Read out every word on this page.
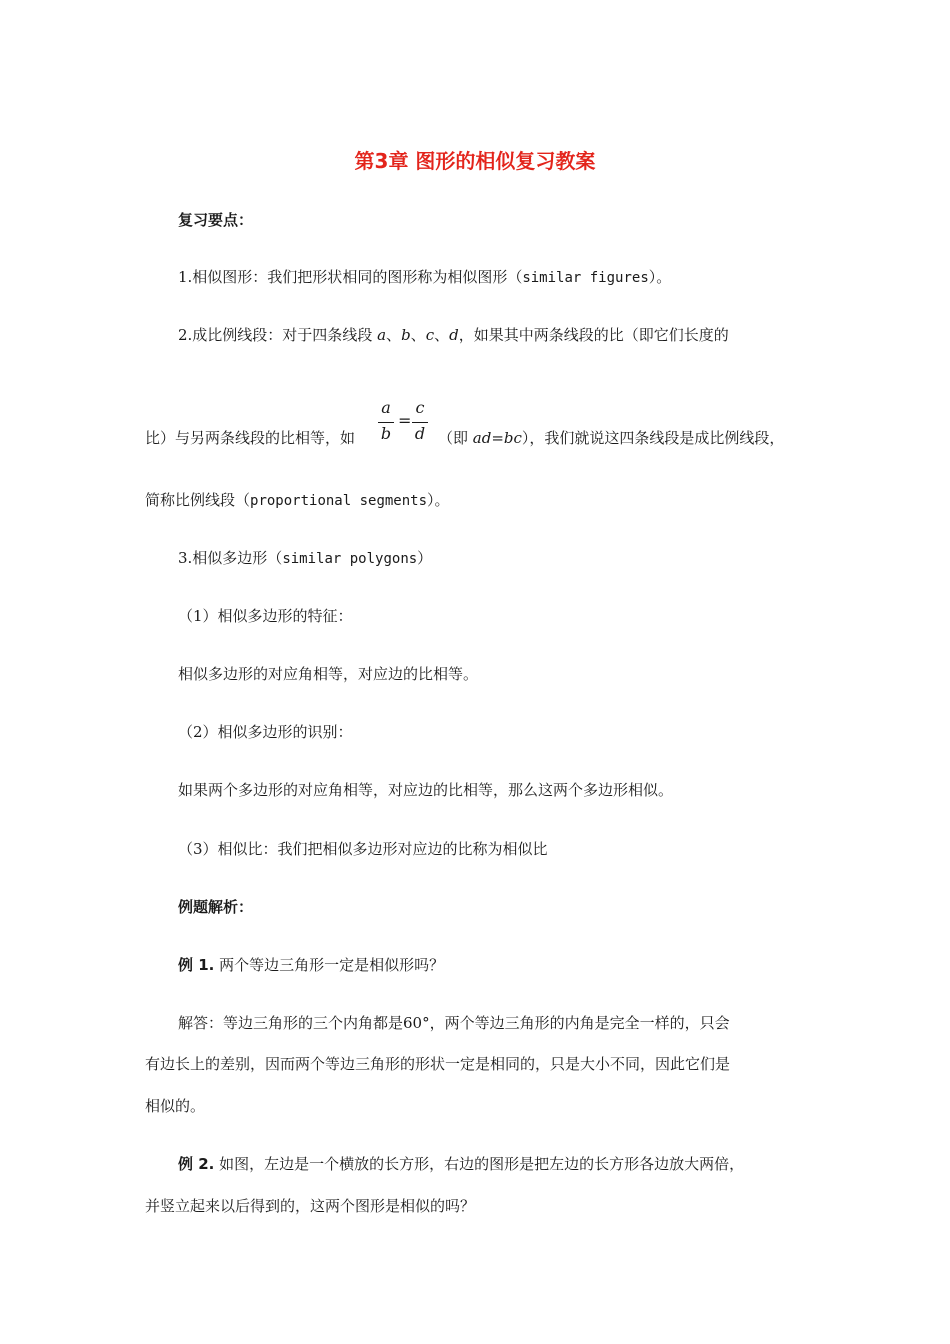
第3章 图形的相似复习教案
复习要点：
1.相似图形：我们把形状相同的图形称为相似图形（similar figures）。
2.成比例线段：对于四条线段 a、b、c、d，如果其中两条线段的比（即它们长度的
比）与另两条线段的比相等，如
a
b
=
c
d （即 ad=bc），我们就说这四条线段是成比例线段，
简称比例线段（proportional segments）。
3.相似多边形（similar polygons）
（1）相似多边形的特征：
相似多边形的对应角相等，对应边的比相等。
（2）相似多边形的识别：
如果两个多边形的对应角相等，对应边的比相等，那么这两个多边形相似。
（3）相似比：我们把相似多边形对应边的比称为相似比
例题解析：
例 1. 两个等边三角形一定是相似形吗？
解答：等边三角形的三个内角都是60°，两个等边三角形的内角是完全一样的，只会
有边长上的差别，因而两个等边三角形的形状一定是相同的，只是大小不同，因此它们是
相似的。
例 2. 如图，左边是一个横放的长方形，右边的图形是把左边的长方形各边放大两倍，
并竖立起来以后得到的，这两个图形是相似的吗？
